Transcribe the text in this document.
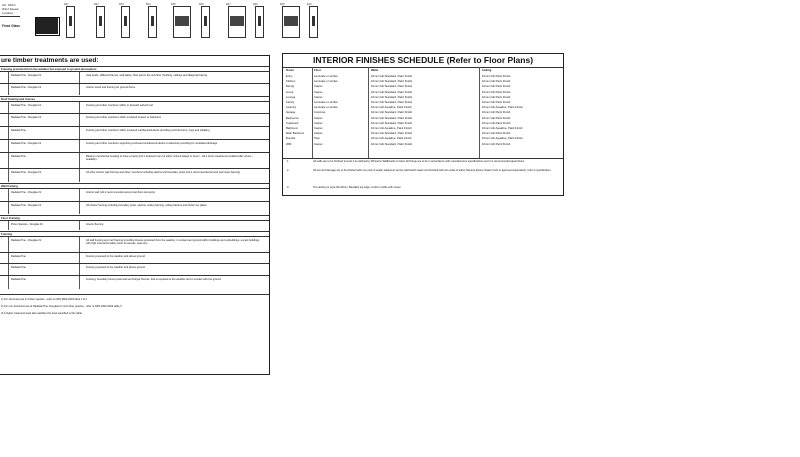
AU: S10m
Wind Speed
Location
Fixed Glass
D01	D02	D03	D04	D05	D06	D07	D08	D09	D10
ure timber treatments are used:
Framing protected from the weather but exposed to ground atmosphere
Radiata Pine - Douglas Fir	Jack studs, stiffened frames, wall plates, floor joist in the sub floor, finishing, nailings and diagonal bracing
Radiata Pine - Douglas Fir	Interior wood and framing for ground floors
Roof framing and trusses
Radiata Pine - Douglas Fir	Framing and other members within or beneath sarked roof
Radiata Pine - Douglas Fir	Framing and other members within enclosed trusses or balconies
Radiata Pine	Framing and other members within enclosed cantilevered decks providing roof bitumens, rings and cladding
Radiata Pine - Douglas Fir	Framing and other members supporting enclosed cantilevered decks or balconies providing for ventilated drainage
Radiata Pine	Battens unprotected needing to have a cavity (H3.1 treatment can be either solvent based or boron - H3.1 boron treatments enabled after primer - sealable)
Radiata Pine - Douglas Fir	All other interior wall framing and other members including sarkins and boundary joists (H1.2 recommended around perimeter framing)
Wall framing
Radiata Pine - Douglas Fir	Interior wall (H1.2 recommended around wet floor elements)
Radiata Pine - Douglas Fir	All interior framing including boundary joists, sarkins, ceiling framing, ceiling battens and timber top plates
Floor Framing
Pinus Species - Douglas Fir	Interior flooring
Framing
Radiata Pine - Douglas Fir	All wall framing and roof framing providing trusses protected from the weather, in contact and ground within buildings and outbuildings, except buildings with high internal humidity (such as saunas, spas etc)
Radiata Pine	Framing exposed to the weather and above ground
Radiata Pine	Framing exposed to the weather and above ground
Radiata Pine	Framing, boundary fence posts and wet fixings/ fixtures, that is exposed to the weather and in contact with the ground
1) For structural use in timber species - refer to NZS 3602:2003 table 1 & 2
2) For non-structural use of Radiata Pine, Douglas Fir and other species - refer to NZS 3602:2003 table 3
3) A higher treatment level also satisfies the level specified in this table
INTERIOR FINISHES SCHEDULE (Refer to Floor Plans)
Room	Floor	Walls	Ceiling
Entry	Laminate or similar	10mm Gib Standard, Paint Finish	10mm Gib Paint Finish
Kitchen	Laminate or similar	10mm Gib Standard, Paint Finish	10mm Gib Paint Finish
Dining	Carpet	10mm Gib Standard, Paint Finish	10mm Gib Paint Finish
Living	Carpet	10mm Gib Standard, Paint Finish	10mm Gib Paint Finish
Lounge	Carpet	10mm Gib Standard, Paint Finish	10mm Gib Paint Finish
Family	Laminate or similar	10mm Gib Standard, Paint Finish	10mm Gib Paint Finish
Laundry	Laminate or similar	10mm Gib Aqualine, Paint Finish	10mm Gib Aqualine, Paint Finish
Garage	Concrete	10mm Gib Standard, Paint Finish	10mm Gib Paint Finish
Bedrooms	Carpet	10mm Gib Standard, Paint Finish	10mm Gib Paint Finish
Cupboard	Carpet	10mm Gib Standard, Paint Finish	10mm Gib Paint Finish
Bathroom	Carpet	10mm Gib Aqualine, Paint Finish	10mm Gib Aqualine, Paint Finish
Main Bedroom	Carpet	10mm Gib Standard, Paint Finish	10mm Gib Paint Finish
Ensuite	Tiles	10mm Gib Aqualine, Paint Finish	10mm Gib Aqualine, Paint Finish
WIR	Carpet	10mm Gib Standard, Paint Finish	10mm Gib Paint Finish
1.	All walls are to be finished to level 4 as defined by Winstone Wallboards Limited. All fixings are to be in accordance with manufacturers specifications and it is recommended glued fixed.
2.	All wet and damage are to be finished with one coat of sealer elastomer acrylic wall board sealer and finished with two coats of either Resene Zylone Space (C22 or approved equivalent), refer to specification.
3.	The skirting is to be 60x10mm, Bevelled top edge, confirm profile with owner.
